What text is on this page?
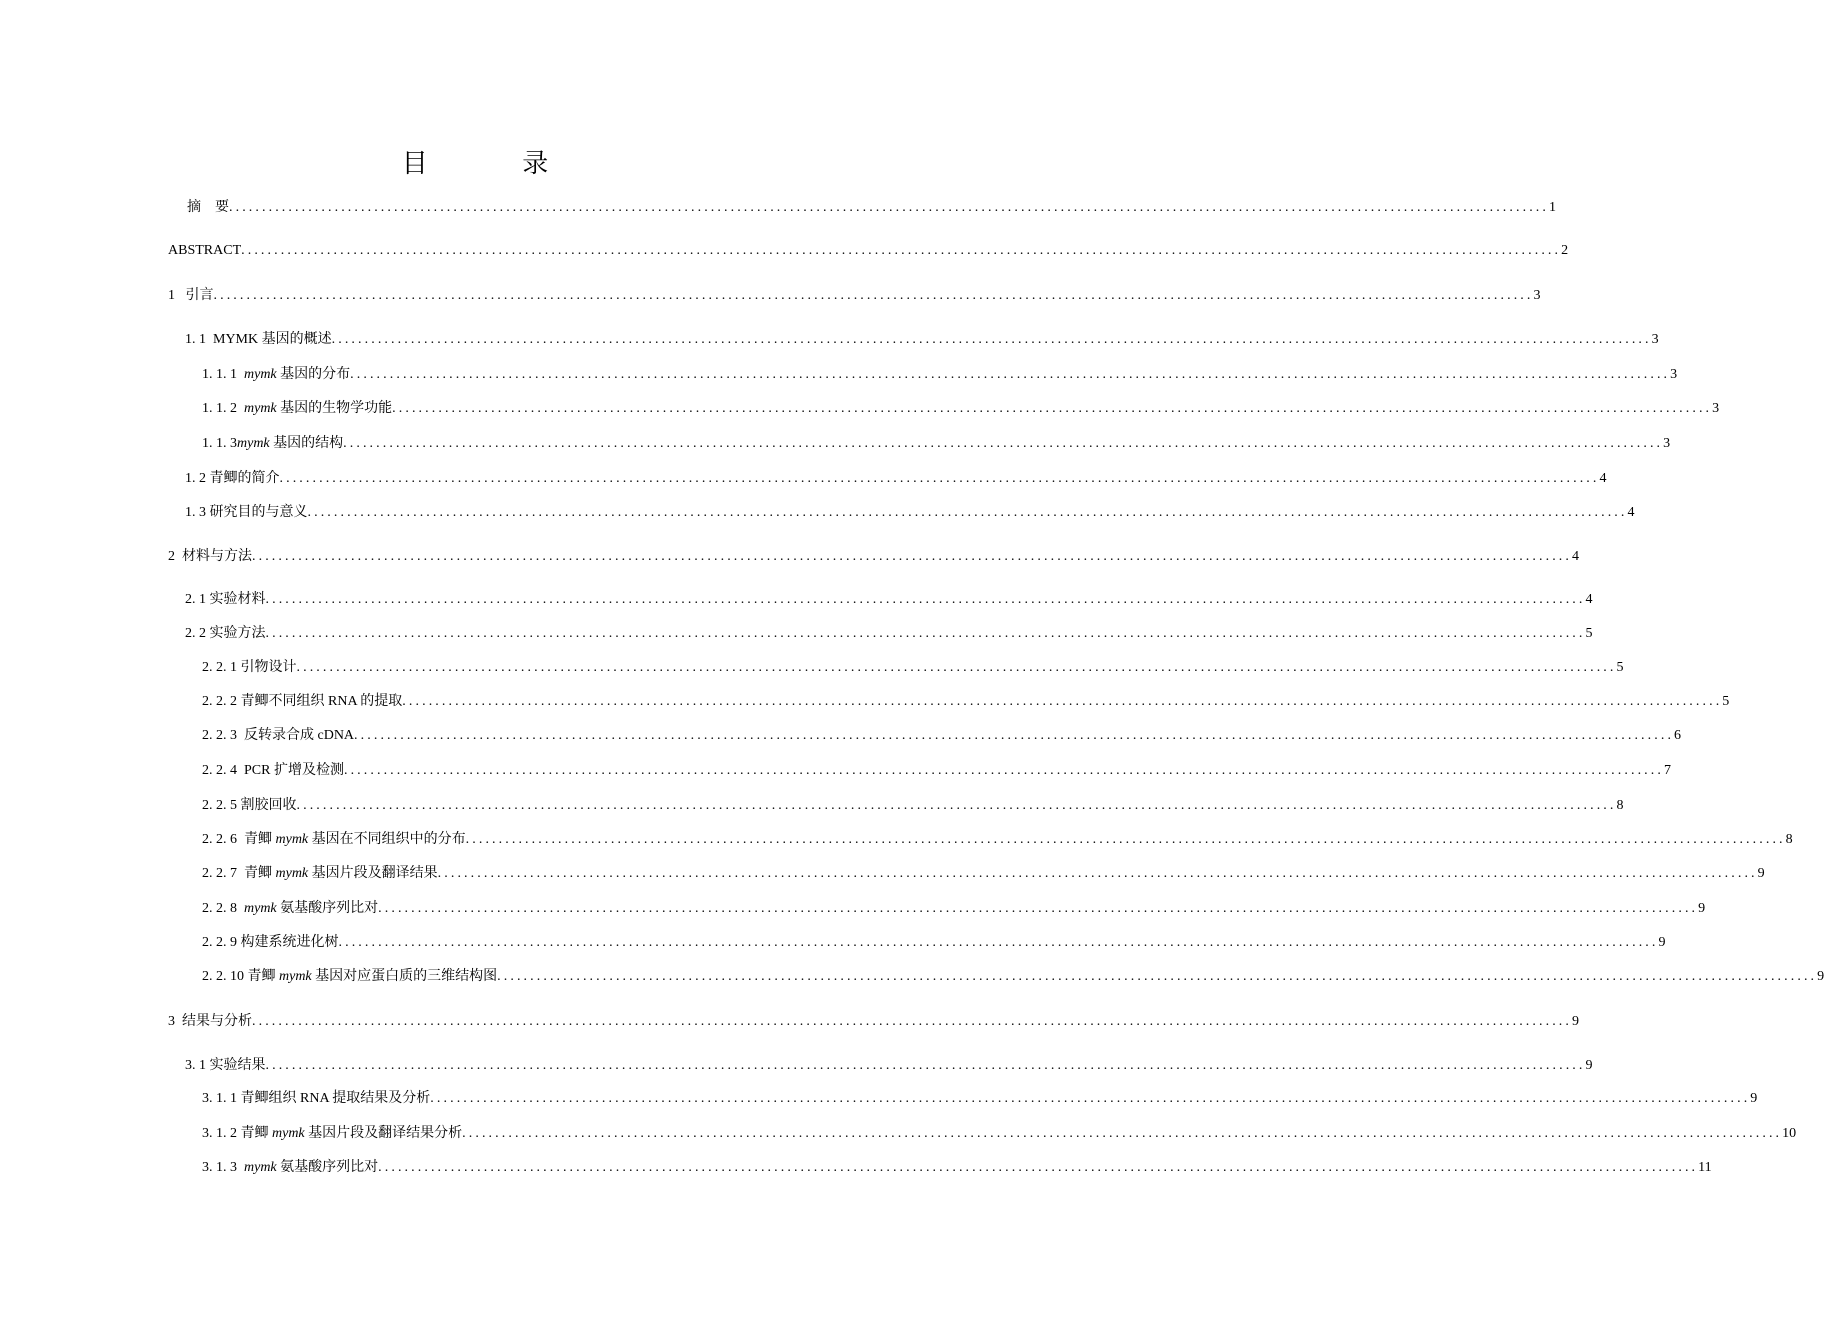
目 录
摘    要 ........................................................................................................................................................................................................ 1
ABSTRACT ........................................................................................................................................................................................................ 2
1   引言 ........................................................................................................................................................................................................ 3
1. 1  MYMK 基因的概述 ........................................................................................................................................................................................................ 3
1. 1. 1  mymk 基因的分布 ........................................................................................................................................................................................................ 3
1. 1. 2  mymk 基因的生物学功能 ........................................................................................................................................................................................................ 3
1. 1. 3mymk 基因的结构 ........................................................................................................................................................................................................ 3
1. 2 青鲫的简介 ........................................................................................................................................................................................................ 4
1. 3 研究目的与意义 ........................................................................................................................................................................................................ 4
2  材料与方法 ........................................................................................................................................................................................................ 4
2. 1 实验材料 ........................................................................................................................................................................................................ 4
2. 2 实验方法 ........................................................................................................................................................................................................ 5
2. 2. 1 引物设计 ........................................................................................................................................................................................................ 5
2. 2. 2 青鲫不同组织 RNA 的提取 ........................................................................................................................................................................................................ 5
2. 2. 3  反转录合成 cDNA ........................................................................................................................................................................................................ 6
2. 2. 4  PCR 扩增及检测 ........................................................................................................................................................................................................ 7
2. 2. 5 割胶回收 ........................................................................................................................................................................................................ 8
2. 2. 6  青鲫 mymk 基因在不同组织中的分布 ........................................................................................................................................................................................................ 8
2. 2. 7  青鲫 mymk 基因片段及翻译结果 ........................................................................................................................................................................................................ 9
2. 2. 8  mymk 氨基酸序列比对 ........................................................................................................................................................................................................ 9
2. 2. 9 构建系统进化树 ........................................................................................................................................................................................................ 9
2. 2. 10 青鲫 mymk 基因对应蛋白质的三维结构图 ........................................................................................................................................................................................................ 9
3  结果与分析 ........................................................................................................................................................................................................ 9
3. 1 实验结果 ........................................................................................................................................................................................................ 9
3. 1. 1 青鲫组织 RNA 提取结果及分析 ........................................................................................................................................................................................................ 9
3. 1. 2 青鲫 mymk 基因片段及翻译结果分析 ........................................................................................................................................................................................................ 10
3. 1. 3  mymk 氨基酸序列比对 ........................................................................................................................................................................................................ 11
